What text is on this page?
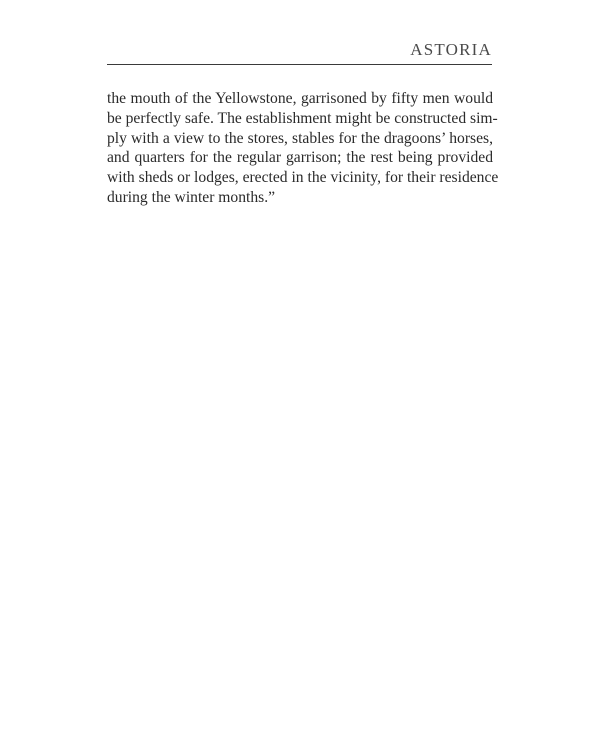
ASTORIA
the mouth of the Yellowstone, garrisoned by fifty men would
be perfectly safe. The establishment might be constructed sim-
ply with a view to the stores, stables for the dragoons’ horses,
and quarters for the regular garrison; the rest being provided
with sheds or lodges, erected in the vicinity, for their residence
during the winter months.”
